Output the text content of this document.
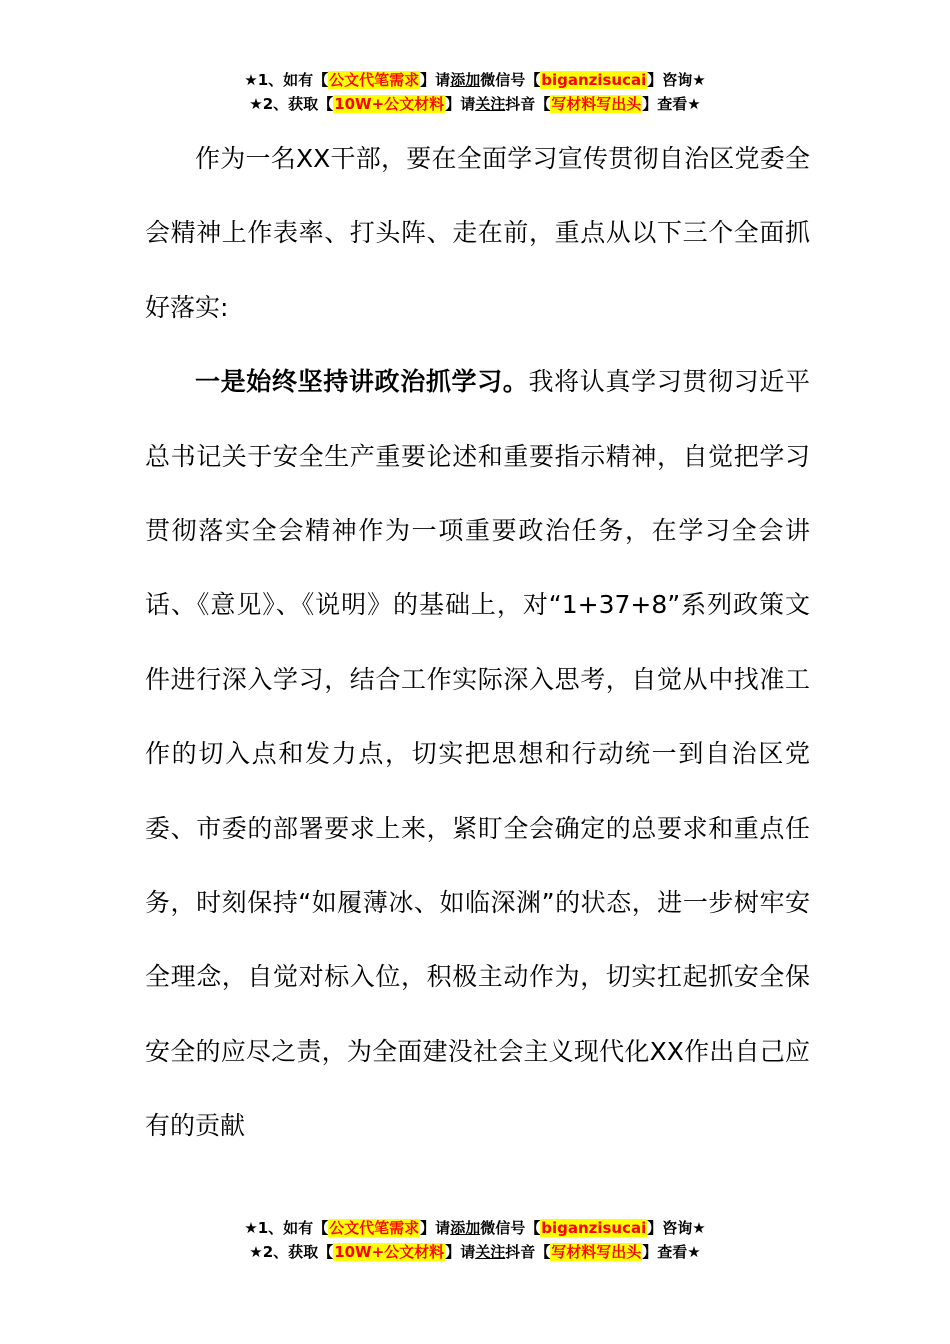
★1、如有【公文代笔需求】请添加微信号【biganzisucai】咨询★
★2、获取【10W+公文材料】请关注抖音【写材料写出头】查看★

作为一名XX干部，要在全面学习宣传贯彻自治区党委全会精神上作表率、打头阵、走在前，重点从以下三个全面抓好落实:

一是始终坚持讲政治抓学习。我将认真学习贯彻习近平总书记关于安全生产重要论述和重要指示精神，自觉把学习贯彻落实全会精神作为一项重要政治任务，在学习全会讲话、《意见》、《说明》的基础上，对“1+37+8”系列政策文件进行深入学习，结合工作实际深入思考，自觉从中找准工作的切入点和发力点，切实把思想和行动统一到自治区党委、市委的部署要求上来，紧盯全会确定的总要求和重点任务，时刻保持“如履薄冰、如临深渊”的状态，进一步树牢安全理念，自觉对标入位，积极主动作为，切实扛起抓安全保安全的应尽之责，为全面建没社会主义现代化XX作出自己应有的贡献

★1、如有【公文代笔需求】请添加微信号【biganzisucai】咨询★
★2、获取【10W+公文材料】请关注抖音【写材料写出头】查看★
